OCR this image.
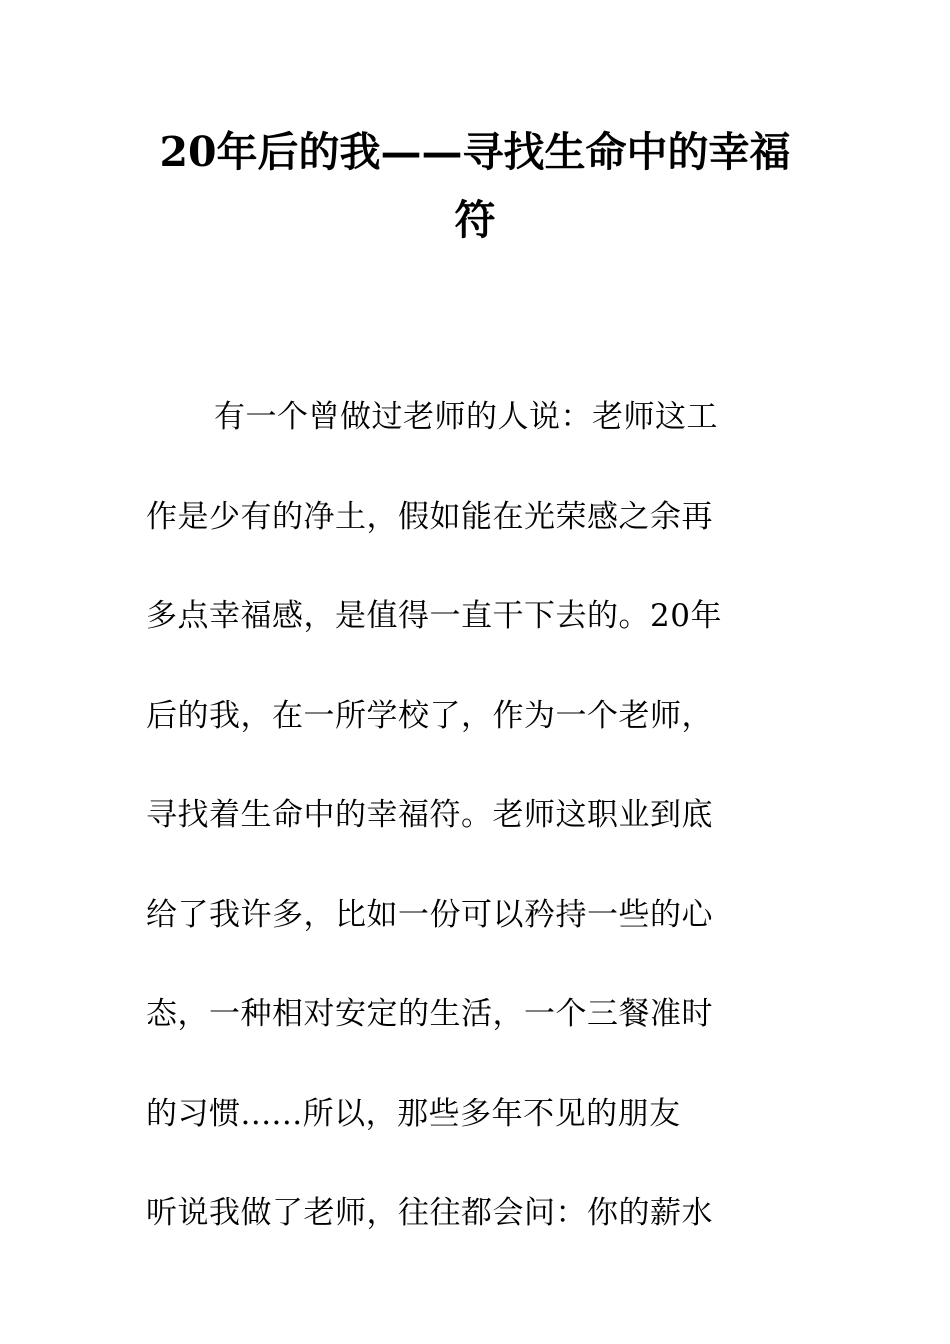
20年后的我——寻找生命中的幸福
符
有一个曾做过老师的人说：老师这工
作是少有的净土，假如能在光荣感之余再
多点幸福感，是值得一直干下去的。20年
后的我，在一所学校了，作为一个老师，
寻找着生命中的幸福符。老师这职业到底
给了我许多，比如一份可以矜持一些的心
态，一种相对安定的生活，一个三餐准时
的习惯......所以，那些多年不见的朋友
听说我做了老师，往往都会问：你的薪水
